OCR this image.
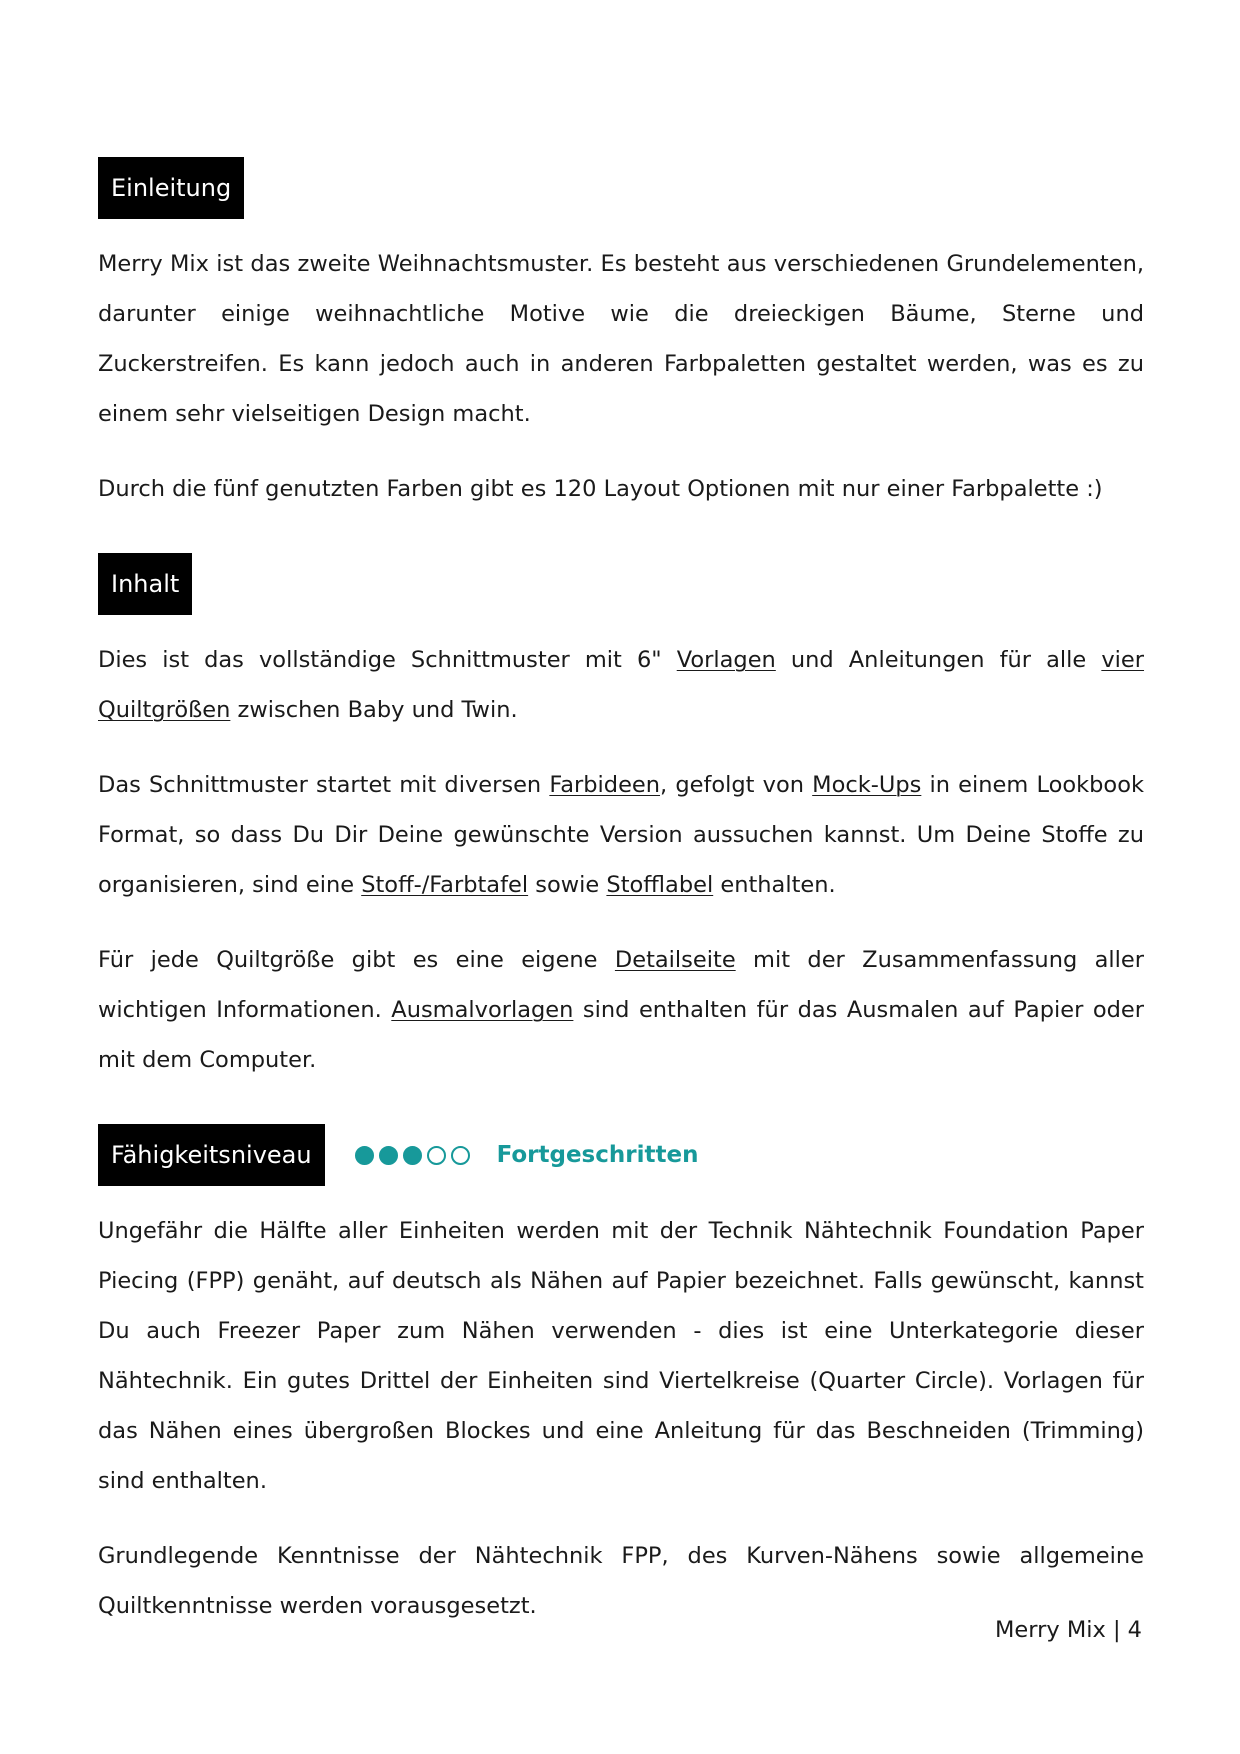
Einleitung

Merry Mix ist das zweite Weihnachtsmuster. Es besteht aus verschiedenen Grundelementen, darunter einige weihnachtliche Motive wie die dreieckigen Bäume, Sterne und Zuckerstreifen. Es kann jedoch auch in anderen Farbpaletten gestaltet werden, was es zu einem sehr vielseitigen Design macht.

Durch die fünf genutzten Farben gibt es 120 Layout Optionen mit nur einer Farbpalette :)

Inhalt

Dies ist das vollständige Schnittmuster mit 6" Vorlagen und Anleitungen für alle vier Quiltgrößen zwischen Baby und Twin.

Das Schnittmuster startet mit diversen Farbideen, gefolgt von Mock-Ups in einem Lookbook Format, so dass Du Dir Deine gewünschte Version aussuchen kannst. Um Deine Stoffe zu organisieren, sind eine Stoff-/Farbtafel sowie Stofflabel enthalten.

Für jede Quiltgröße gibt es eine eigene Detailseite mit der Zusammenfassung aller wichtigen Informationen. Ausmalvorlagen sind enthalten für das Ausmalen auf Papier oder mit dem Computer.

Fähigkeitsniveau	Fortgeschritten

Ungefähr die Hälfte aller Einheiten werden mit der Technik Nähtechnik Foundation Paper Piecing (FPP) genäht, auf deutsch als Nähen auf Papier bezeichnet. Falls gewünscht, kannst Du auch Freezer Paper zum Nähen verwenden - dies ist eine Unterkategorie dieser Nähtechnik. Ein gutes Drittel der Einheiten sind Viertelkreise (Quarter Circle). Vorlagen für das Nähen eines übergroßen Blockes und eine Anleitung für das Beschneiden (Trimming) sind enthalten.

Grundlegende Kenntnisse der Nähtechnik FPP, des Kurven-Nähens sowie allgemeine Quiltkenntnisse werden vorausgesetzt.

Merry Mix | 4
